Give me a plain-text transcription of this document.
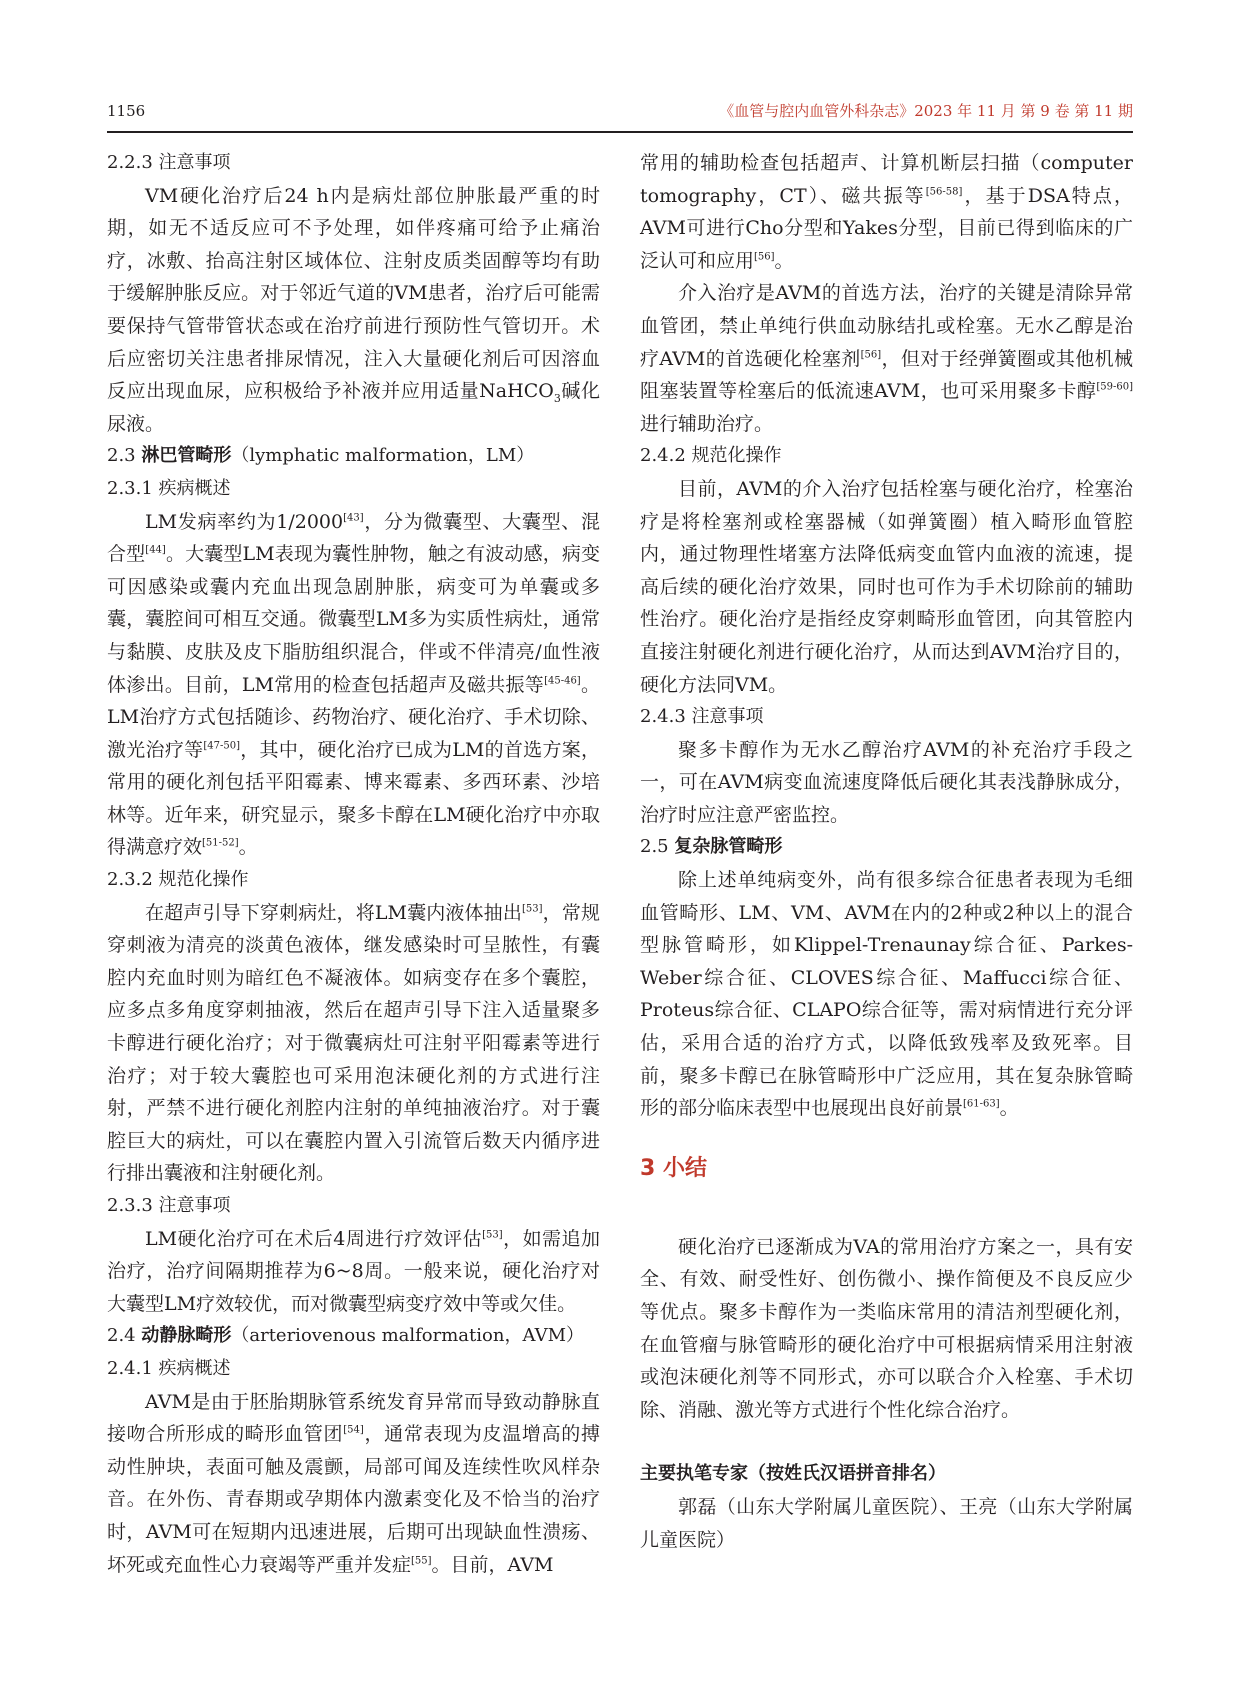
1156	《血管与腔内血管外科杂志》2023 年 11 月 第 9 卷 第 11 期
2.2.3 注意事项

VM硬化治疗后24 h内是病灶部位肿胀最严重的时期，如无不适反应可不予处理，如伴疼痛可给予止痛治疗，冰敷、抬高注射区域体位、注射皮质类固醇等均有助于缓解肿胀反应。对于邻近气道的VM患者，治疗后可能需要保持气管带管状态或在治疗前进行预防性气管切开。术后应密切关注患者排尿情况，注入大量硬化剂后可因溶血反应出现血尿，应积极给予补液并应用适量NaHCO$_3$碱化尿液。

2.3 淋巴管畸形（lymphatic malformation，LM）
2.3.1 疾病概述

LM发病率约为1/2000[43]，分为微囊型、大囊型、混合型[44]。大囊型LM表现为囊性肿物，触之有波动感，病变可因感染或囊内充血出现急剧肿胀，病变可为单囊或多囊，囊腔间可相互交通。微囊型LM多为实质性病灶，通常与黏膜、皮肤及皮下脂肪组织混合，伴或不伴清亮/血性液体渗出。目前，LM常用的检查包括超声及磁共振等[45-46]。LM治疗方式包括随诊、药物治疗、硬化治疗、手术切除、激光治疗等[47-50]，其中，硬化治疗已成为LM的首选方案，常用的硬化剂包括平阳霉素、博来霉素、多西环素、沙培林等。近年来，研究显示，聚多卡醇在LM硬化治疗中亦取得满意疗效[51-52]。

2.3.2 规范化操作

在超声引导下穿刺病灶，将LM囊内液体抽出[53]，常规穿刺液为清亮的淡黄色液体，继发感染时可呈脓性，有囊腔内充血时则为暗红色不凝液体。如病变存在多个囊腔，应多点多角度穿刺抽液，然后在超声引导下注入适量聚多卡醇进行硬化治疗；对于微囊病灶可注射平阳霉素等进行治疗；对于较大囊腔也可采用泡沫硬化剂的方式进行注射，严禁不进行硬化剂腔内注射的单纯抽液治疗。对于囊腔巨大的病灶，可以在囊腔内置入引流管后数天内循序进行排出囊液和注射硬化剂。

2.3.3 注意事项

LM硬化治疗可在术后4周进行疗效评估[53]，如需追加治疗，治疗间隔期推荐为6~8周。一般来说，硬化治疗对大囊型LM疗效较优，而对微囊型病变疗效中等或欠佳。

2.4 动静脉畸形（arteriovenous malformation，AVM）
2.4.1 疾病概述

AVM是由于胚胎期脉管系统发育异常而导致动静脉直接吻合所形成的畸形血管团[54]，通常表现为皮温增高的搏动性肿块，表面可触及震颤，局部可闻及连续性吹风样杂音。在外伤、青春期或孕期体内激素变化及不恰当的治疗时，AVM可在短期内迅速进展，后期可出现缺血性溃疡、坏死或充血性心力衰竭等严重并发症[55]。目前，AVM

常用的辅助检查包括超声、计算机断层扫描（computer tomography，CT）、磁共振等[56-58]，基于DSA特点，AVM可进行Cho分型和Yakes分型，目前已得到临床的广泛认可和应用[56]。

介入治疗是AVM的首选方法，治疗的关键是清除异常血管团，禁止单纯行供血动脉结扎或栓塞。无水乙醇是治疗AVM的首选硬化栓塞剂[56]，但对于经弹簧圈或其他机械阻塞装置等栓塞后的低流速AVM，也可采用聚多卡醇[59-60]进行辅助治疗。

2.4.2 规范化操作

目前，AVM的介入治疗包括栓塞与硬化治疗，栓塞治疗是将栓塞剂或栓塞器械（如弹簧圈）植入畸形血管腔内，通过物理性堵塞方法降低病变血管内血液的流速，提高后续的硬化治疗效果，同时也可作为手术切除前的辅助性治疗。硬化治疗是指经皮穿刺畸形血管团，向其管腔内直接注射硬化剂进行硬化治疗，从而达到AVM治疗目的，硬化方法同VM。

2.4.3 注意事项

聚多卡醇作为无水乙醇治疗AVM的补充治疗手段之一，可在AVM病变血流速度降低后硬化其表浅静脉成分，治疗时应注意严密监控。

2.5 复杂脉管畸形

除上述单纯病变外，尚有很多综合征患者表现为毛细血管畸形、LM、VM、AVM在内的2种或2种以上的混合型脉管畸形，如Klippel-Trenaunay综合征、Parkes-Weber综合征、CLOVES综合征、Maffucci综合征、Proteus综合征、CLAPO综合征等，需对病情进行充分评估，采用合适的治疗方式，以降低致残率及致死率。目前，聚多卡醇已在脉管畸形中广泛应用，其在复杂脉管畸形的部分临床表型中也展现出良好前景[61-63]。

3 小结

硬化治疗已逐渐成为VA的常用治疗方案之一，具有安全、有效、耐受性好、创伤微小、操作简便及不良反应少等优点。聚多卡醇作为一类临床常用的清洁剂型硬化剂，在血管瘤与脉管畸形的硬化治疗中可根据病情采用注射液或泡沫硬化剂等不同形式，亦可以联合介入栓塞、手术切除、消融、激光等方式进行个性化综合治疗。

主要执笔专家（按姓氏汉语拼音排名）

郭磊（山东大学附属儿童医院）、王亮（山东大学附属儿童医院）
